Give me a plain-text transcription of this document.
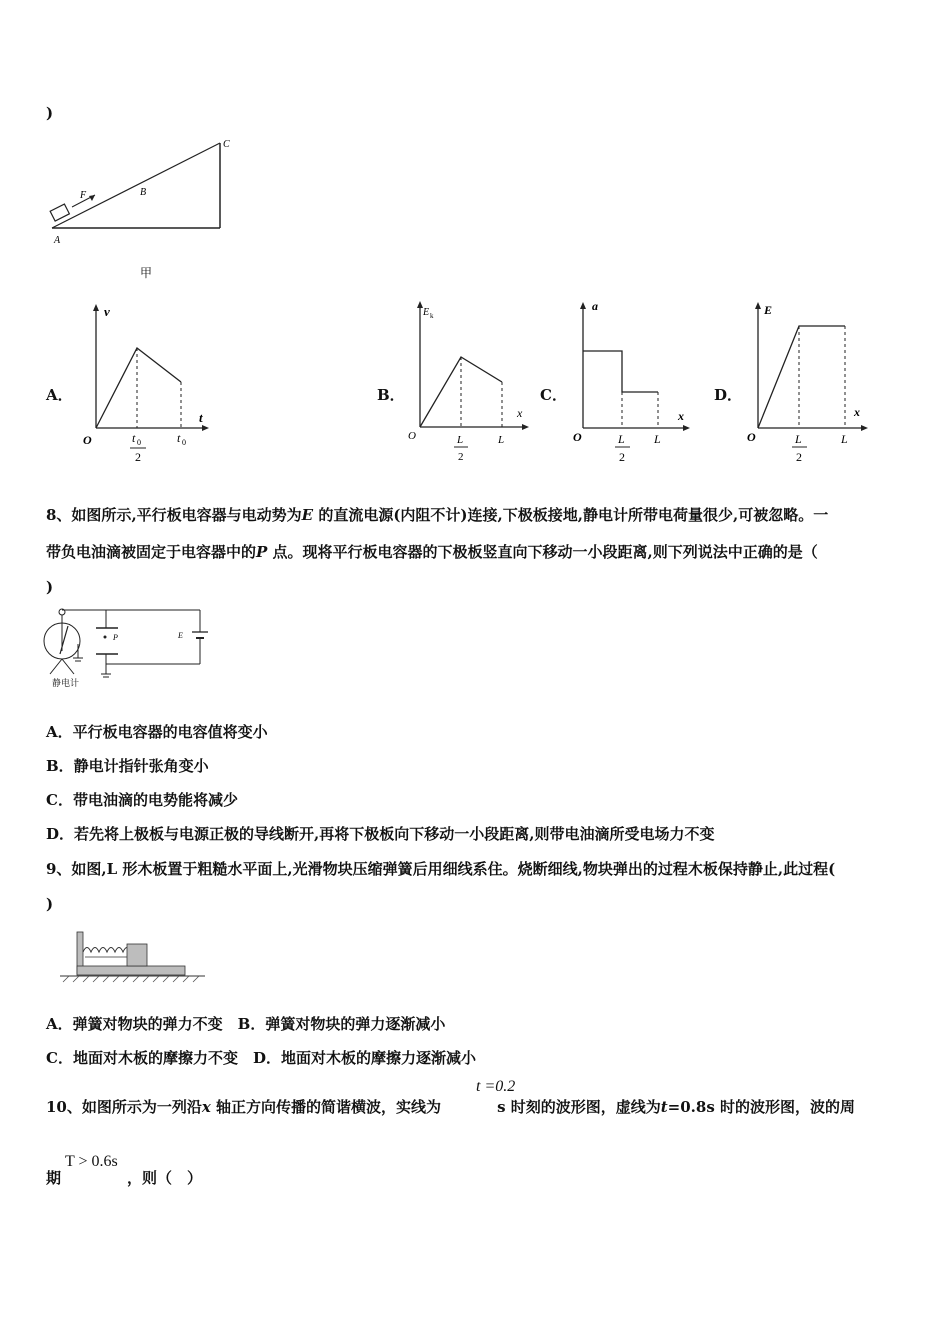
)
F	B
C
A
甲
A．
v
t
O	t 0
2
t 0
B．
E k
x
O	L
2
L
C．
a
x
O	L
2
L
D．
E
x
O	L
2
L
8、如图所示,平行板电容器与电动势为E 的直流电源(内阻不计)连接,下极板接地,静电计所带电荷量很少,可被忽略。一
带负电油滴被固定于电容器中的P 点。现将平行板电容器的下极板竖直向下移动一小段距离,则下列说法中正确的是（
)
P	E
静电计
A．平行板电容器的电容值将变小
B．静电计指针张角变小
C．带电油滴的电势能将减少
D．若先将上极板与电源正极的导线断开,再将下极板向下移动一小段距离,则带电油滴所受电场力不变
9、如图,L 形木板置于粗糙水平面上,光滑物块压缩弹簧后用细线系住。烧断细线,物块弹出的过程木板保持静止,此过程(
)
A．弹簧对物块的弹力不变　B．弹簧对物块的弹力逐渐减小
C．地面对木板的摩擦力不变　D．地面对木板的摩擦力逐渐减小
10、如图所示为一列沿x 轴正方向传播的简谐横波，实线为	s 时刻的波形图，虚线为t=0.8s 时的波形图，波的周
t =0.2
期	，则（　）
T > 0.6s
